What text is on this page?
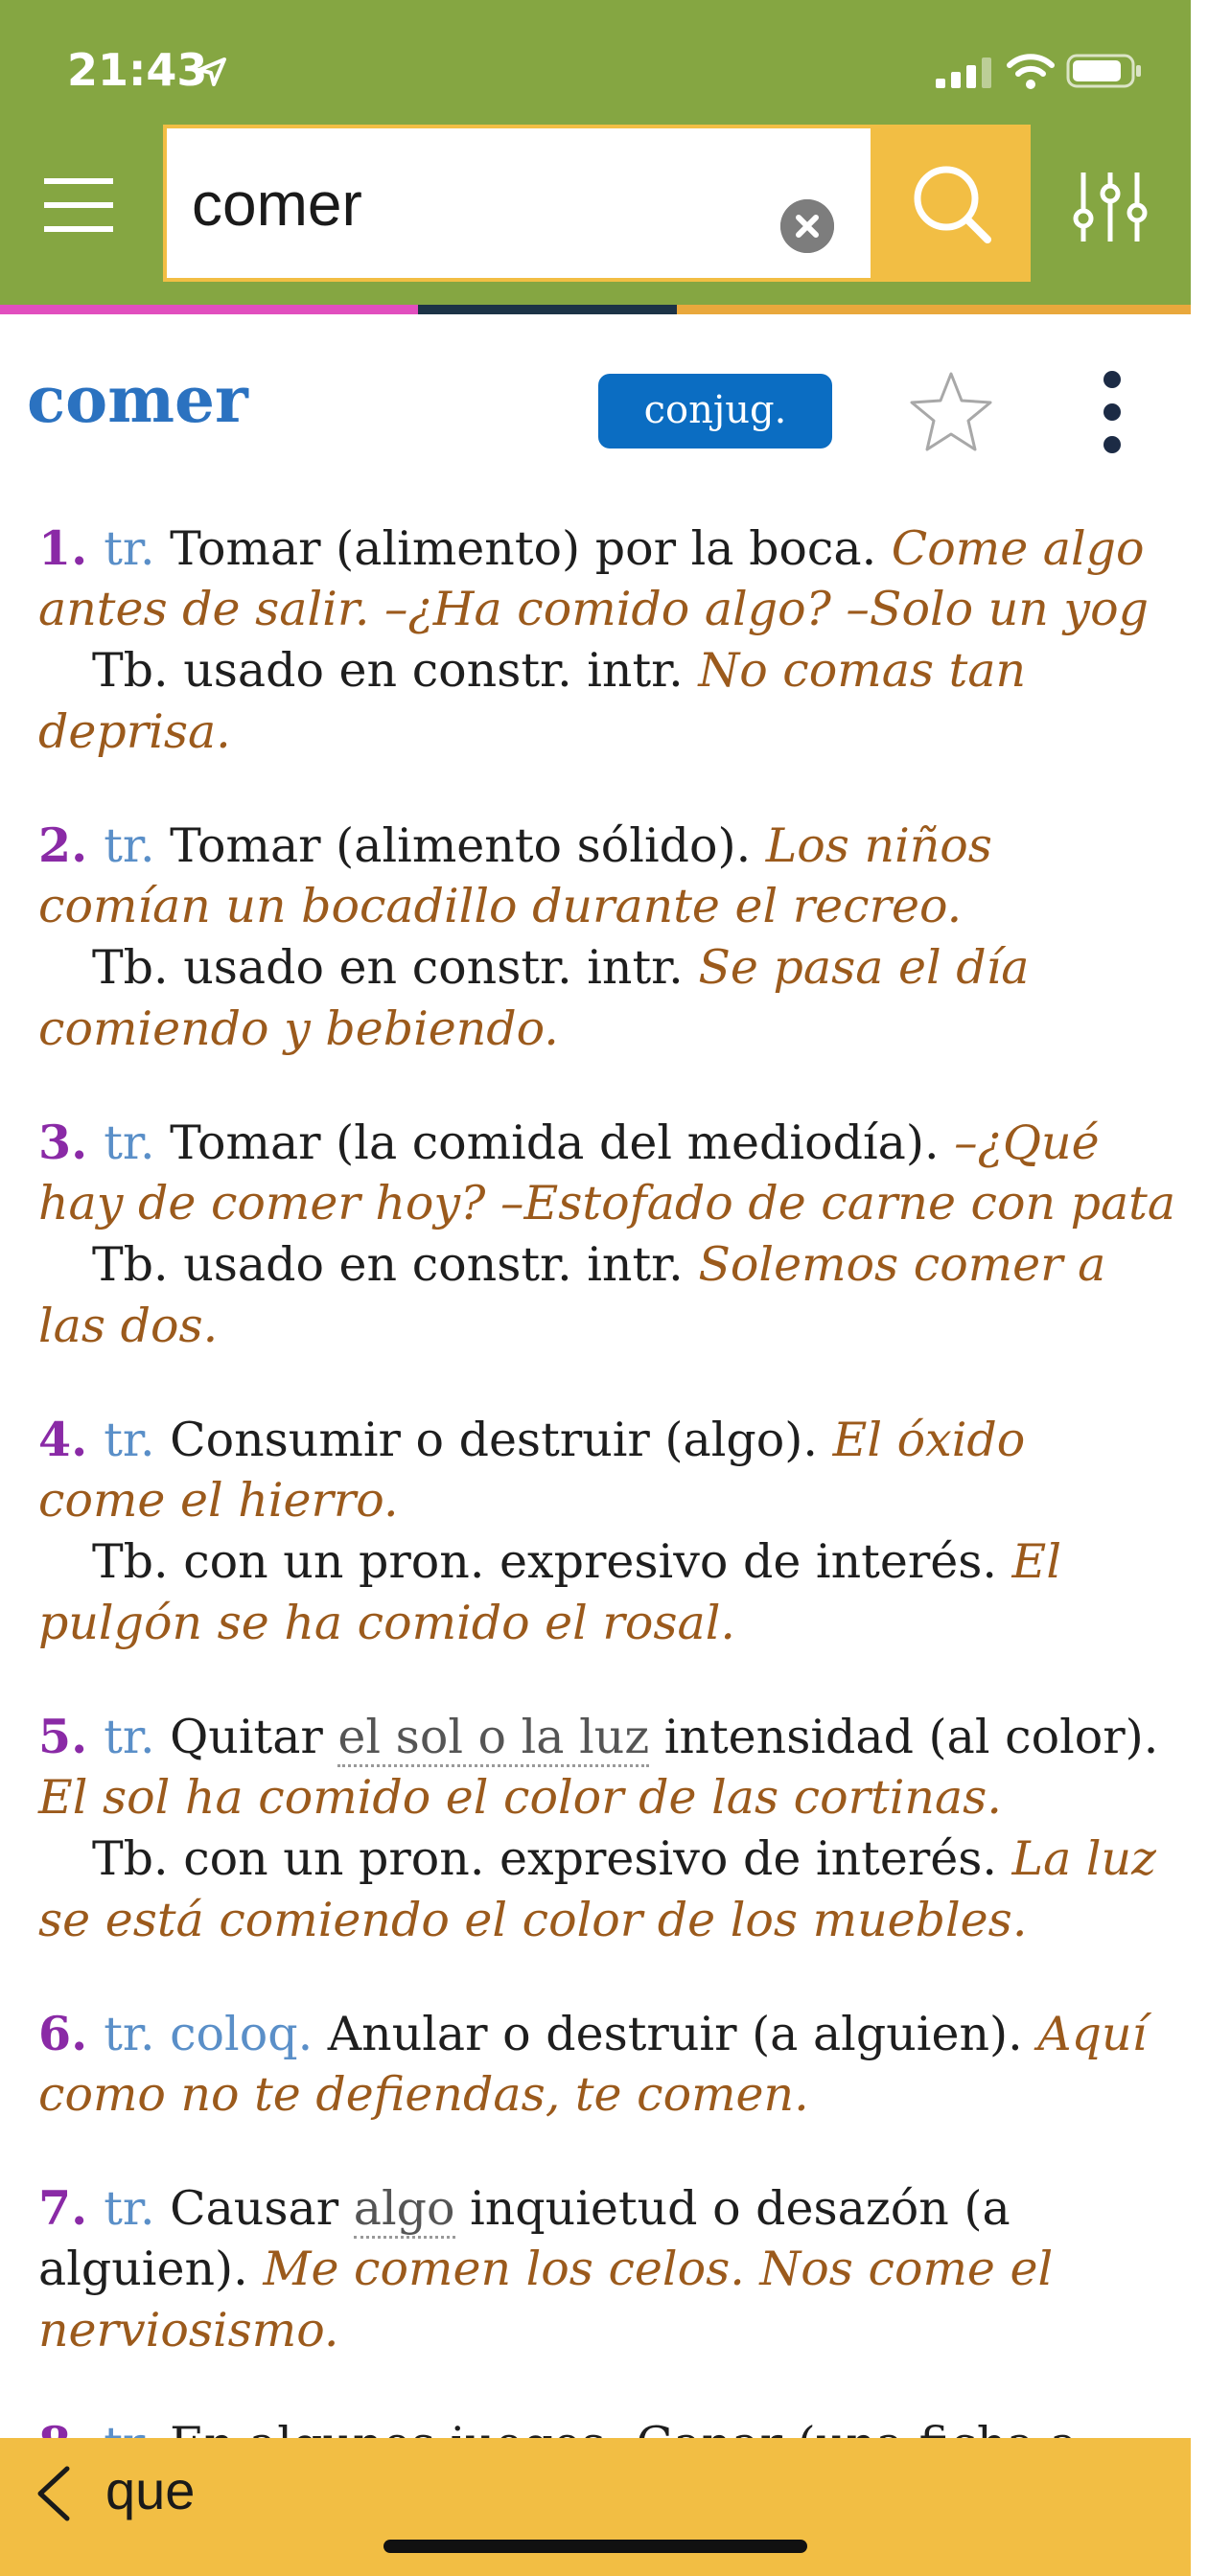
21:43
comer
comer	conjug.
1. tr. Tomar (alimento) por la boca. Come algo
antes de salir. –¿Ha comido algo? –Solo un yog
Tb. usado en constr. intr. No comas tan
deprisa.
2. tr. Tomar (alimento sólido). Los niños
comían un bocadillo durante el recreo.
Tb. usado en constr. intr. Se pasa el día
comiendo y bebiendo.
3. tr. Tomar (la comida del mediodía). –¿Qué
hay de comer hoy? –Estofado de carne con pata
Tb. usado en constr. intr. Solemos comer a
las dos.
4. tr. Consumir o destruir (algo). El óxido
come el hierro.
Tb. con un pron. expresivo de interés. El
pulgón se ha comido el rosal.
5. tr. Quitar el sol o la luz intensidad (al color).
El sol ha comido el color de las cortinas.
Tb. con un pron. expresivo de interés. La luz
se está comiendo el color de los muebles.
6. tr. coloq. Anular o destruir (a alguien). Aquí
como no te defiendas, te comen.
7. tr. Causar algo inquietud o desazón (a
alguien). Me comen los celos. Nos come el
nerviosismo.
que
